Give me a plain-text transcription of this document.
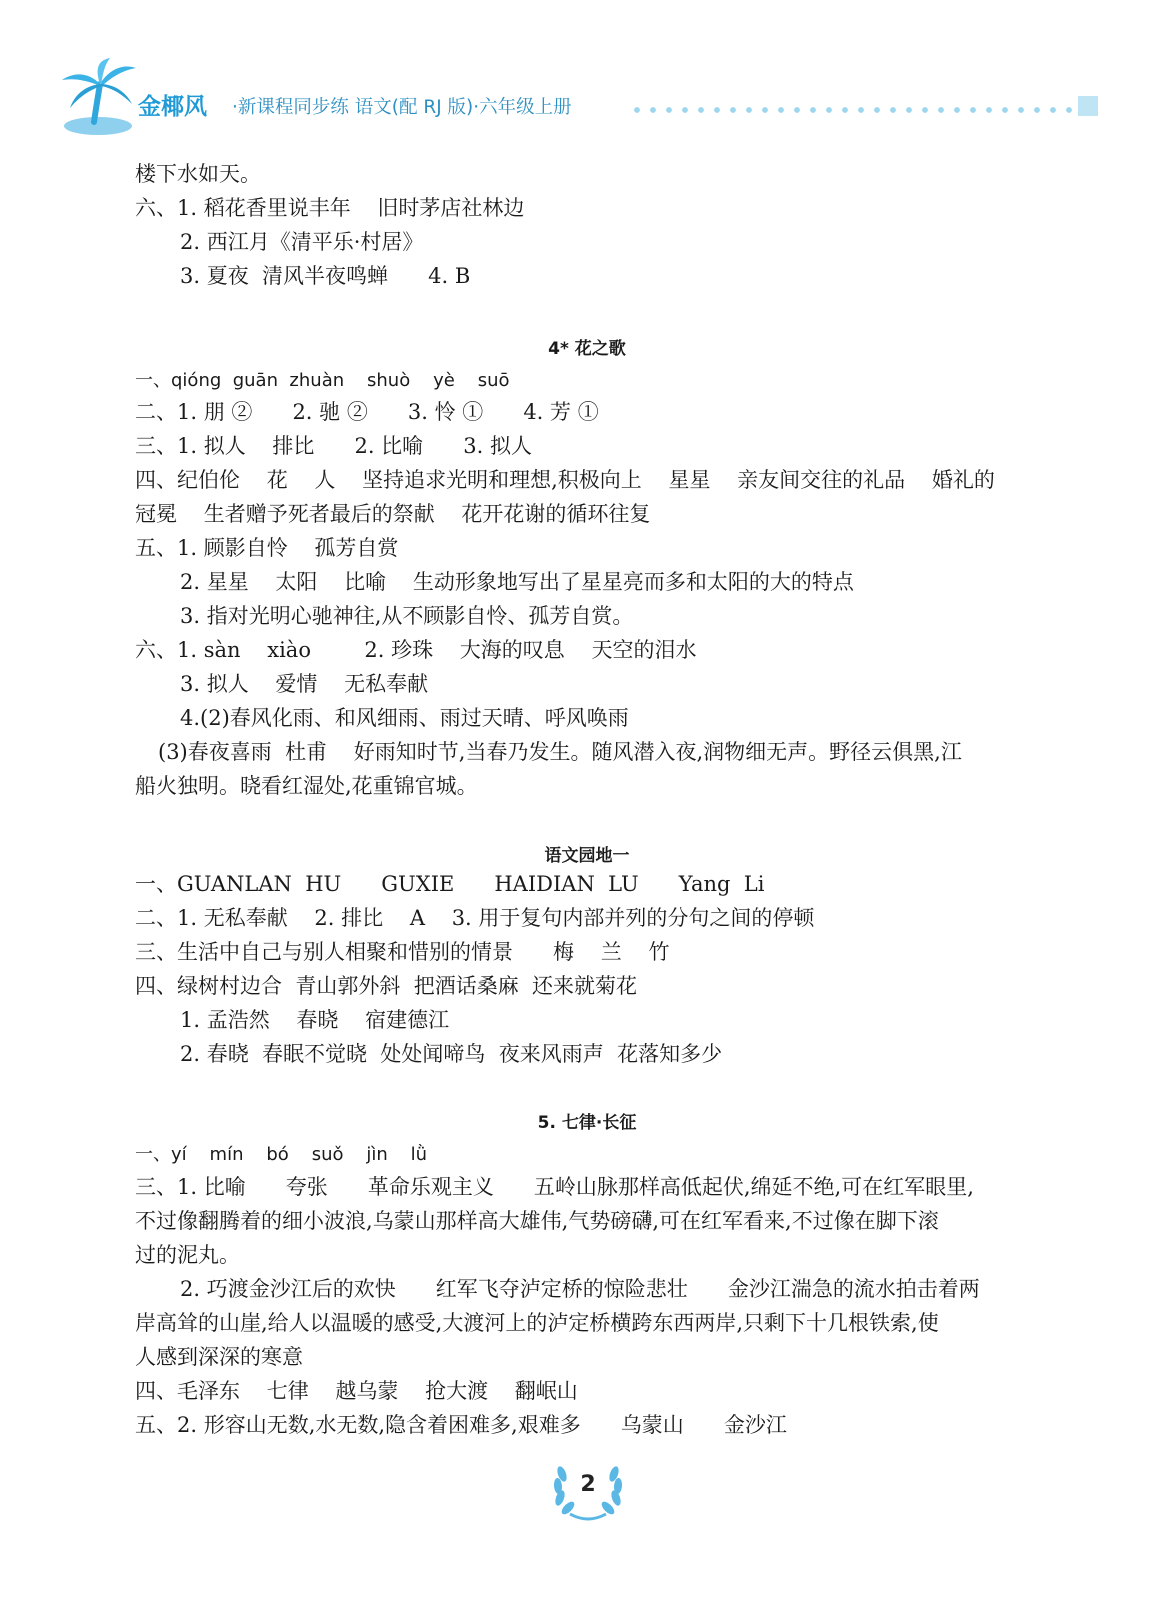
金椰风 ·新课程同步练 语文(配 RJ 版)·六年级上册
楼下水如天。
六、1. 稻花香里说丰年    旧时茅店社林边
2. 西江月《清平乐·村居》
3. 夏夜  清风半夜鸣蝉      4. B
4* 花之歌
一、qióng  guān  zhuàn    shuò    yè    suō
二、1. 朋 ②      2. 驰 ②      3. 怜 ①      4. 芳 ①
三、1. 拟人    排比      2. 比喻      3. 拟人
四、纪伯伦    花    人    坚持追求光明和理想,积极向上    星星    亲友间交往的礼品    婚礼的
冠冕    生者赠予死者最后的祭献    花开花谢的循环往复
五、1. 顾影自怜    孤芳自赏
2. 星星    太阳    比喻    生动形象地写出了星星亮而多和太阳的大的特点
3. 指对光明心驰神往,从不顾影自怜、孤芳自赏。
六、1. sàn    xiào        2. 珍珠    大海的叹息    天空的泪水
3. 拟人    爱情    无私奉献
4.(2)春风化雨、和风细雨、雨过天晴、呼风唤雨
(3)春夜喜雨  杜甫    好雨知时节,当春乃发生。随风潜入夜,润物细无声。野径云俱黑,江
船火独明。晓看红湿处,花重锦官城。
语文园地一
一、GUANLAN  HU      GUXIE      HAIDIAN  LU      Yang  Li
二、1. 无私奉献    2. 排比    A    3. 用于复句内部并列的分句之间的停顿
三、生活中自己与别人相聚和惜别的情景      梅    兰    竹
四、绿树村边合  青山郭外斜  把酒话桑麻  还来就菊花
1. 孟浩然    春晓    宿建德江
2. 春晓  春眠不觉晓  处处闻啼鸟  夜来风雨声  花落知多少
5. 七律·长征
一、yí    mín    bó    suǒ    jìn    lǜ
三、1. 比喻      夸张      革命乐观主义      五岭山脉那样高低起伏,绵延不绝,可在红军眼里,
不过像翻腾着的细小波浪,乌蒙山那样高大雄伟,气势磅礴,可在红军看来,不过像在脚下滚
过的泥丸。
2. 巧渡金沙江后的欢快      红军飞夺泸定桥的惊险悲壮      金沙江湍急的流水拍击着两
岸高耸的山崖,给人以温暖的感受,大渡河上的泸定桥横跨东西两岸,只剩下十几根铁索,使
人感到深深的寒意
四、毛泽东    七律    越乌蒙    抢大渡    翻岷山
五、2. 形容山无数,水无数,隐含着困难多,艰难多      乌蒙山      金沙江
2
